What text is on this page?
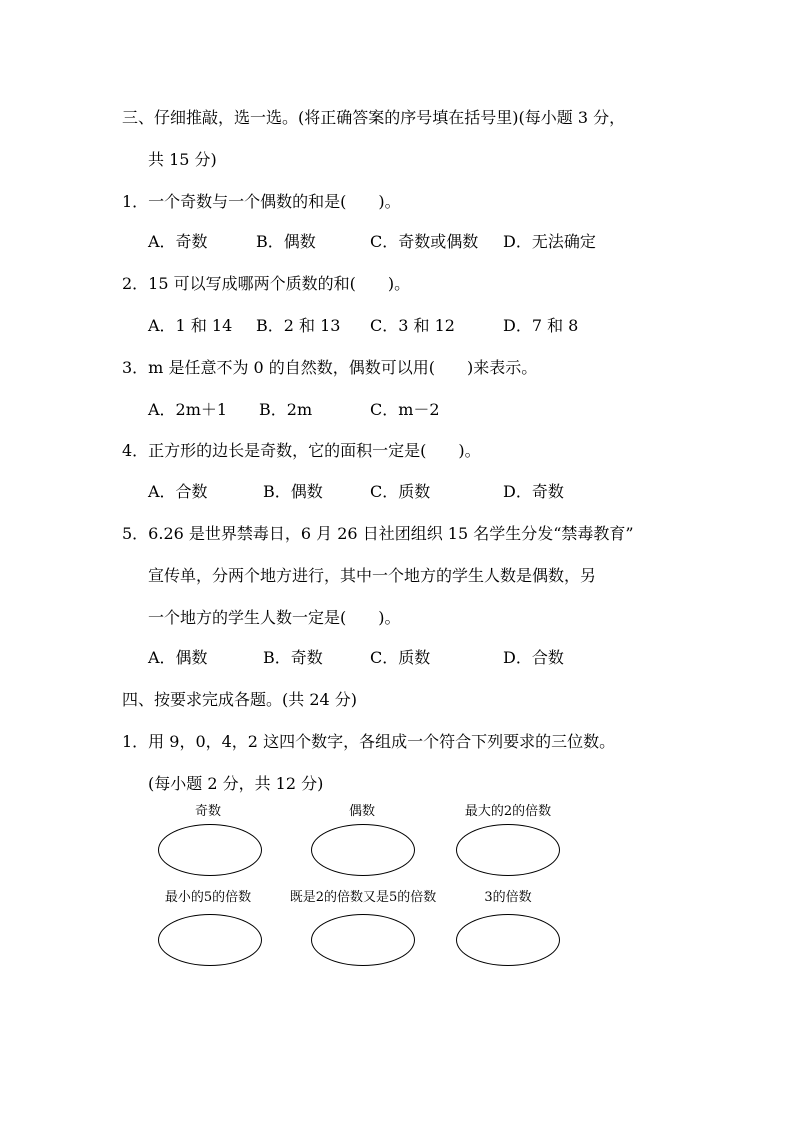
三、仔细推敲，选一选。(将正确答案的序号填在括号里)(每小题 3 分，
共 15 分)
1．一个奇数与一个偶数的和是(　　)。
A．奇数	B．偶数	C．奇数或偶数 D．无法确定
2．15 可以写成哪两个质数的和(　　)。
A．1 和 14 B．2 和 13 C．3 和 12	D．7 和 8
3．m 是任意不为 0 的自然数，偶数可以用(　　)来表示。
A．2m＋1 B．2m	C．m－2
4．正方形的边长是奇数，它的面积一定是(　　)。
A．合数	B．偶数	C．质数	D．奇数
5．6.26 是世界禁毒日，6 月 26 日社团组织 15 名学生分发“禁毒教育”
宣传单，分两个地方进行，其中一个地方的学生人数是偶数，另
一个地方的学生人数一定是(　　)。
A．偶数	B．奇数	C．质数	D．合数
四、按要求完成各题。(共 24 分)
1．用 9，0，4，2 这四个数字，各组成一个符合下列要求的三位数。
(每小题 2 分，共 12 分)
奇数	偶数	最大的2的倍数
最小的5的倍数	既是2的倍数又是5的倍数	3的倍数
